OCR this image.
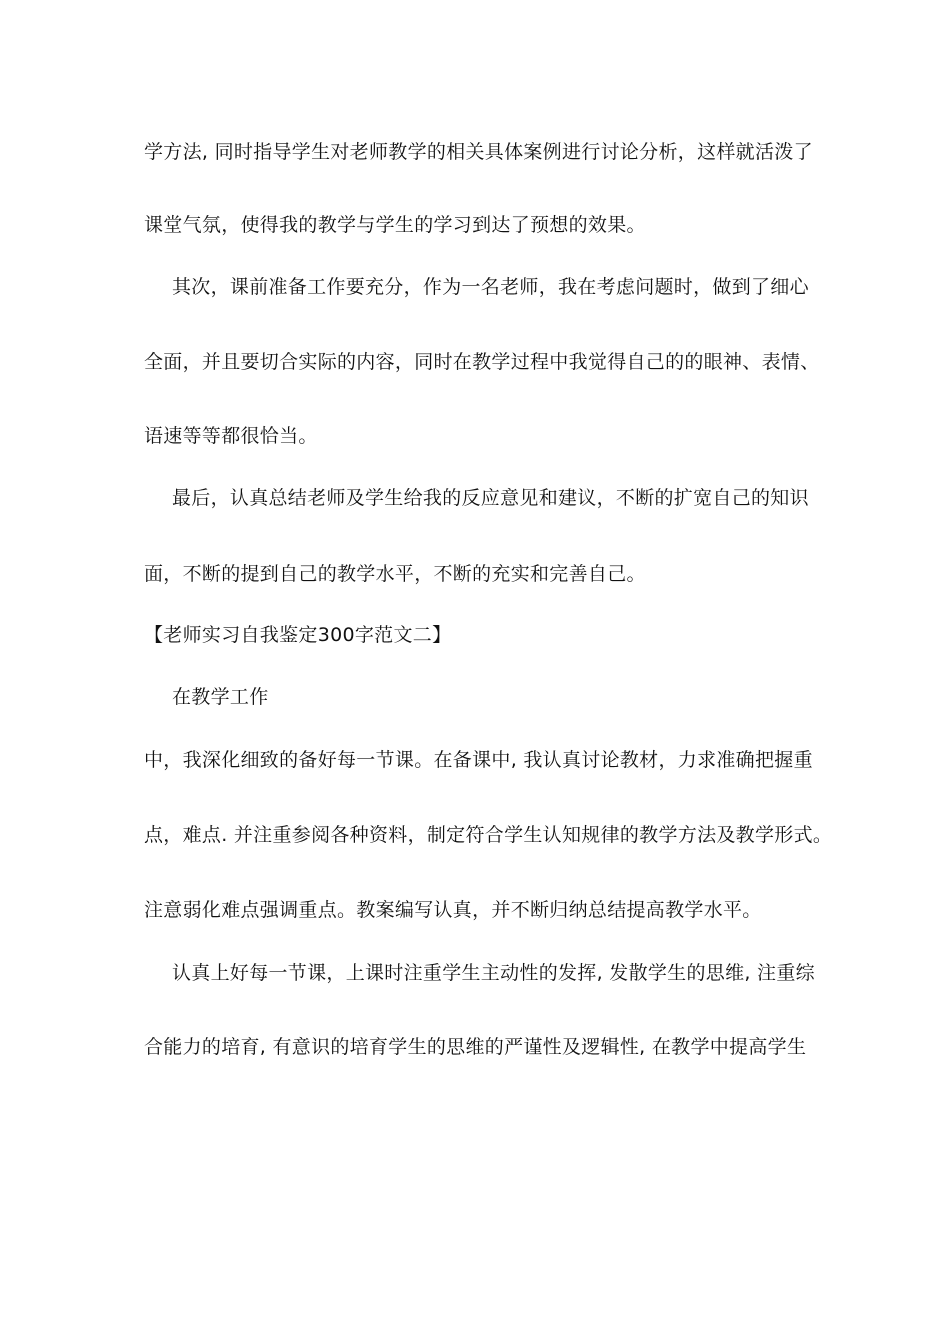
学方法, 同时指导学生对老师教学的相关具体案例进行讨论分析，这样就活泼了
课堂气氛，使得我的教学与学生的学习到达了预想的效果。
其次，课前准备工作要充分，作为一名老师，我在考虑问题时，做到了细心
全面，并且要切合实际的内容，同时在教学过程中我觉得自己的的眼神、表情、
语速等等都很恰当。
最后，认真总结老师及学生给我的反应意见和建议，不断的扩宽自己的知识
面，不断的提到自己的教学水平，不断的充实和完善自己。
【老师实习自我鉴定300字范文二】
在教学工作
中，我深化细致的备好每一节课。在备课中, 我认真讨论教材，力求准确把握重
点，难点. 并注重参阅各种资料，制定符合学生认知规律的教学方法及教学形式。
注意弱化难点强调重点。教案编写认真，并不断归纳总结提高教学水平。
认真上好每一节课，上课时注重学生主动性的发挥, 发散学生的思维, 注重综
合能力的培育, 有意识的培育学生的思维的严谨性及逻辑性, 在教学中提高学生
